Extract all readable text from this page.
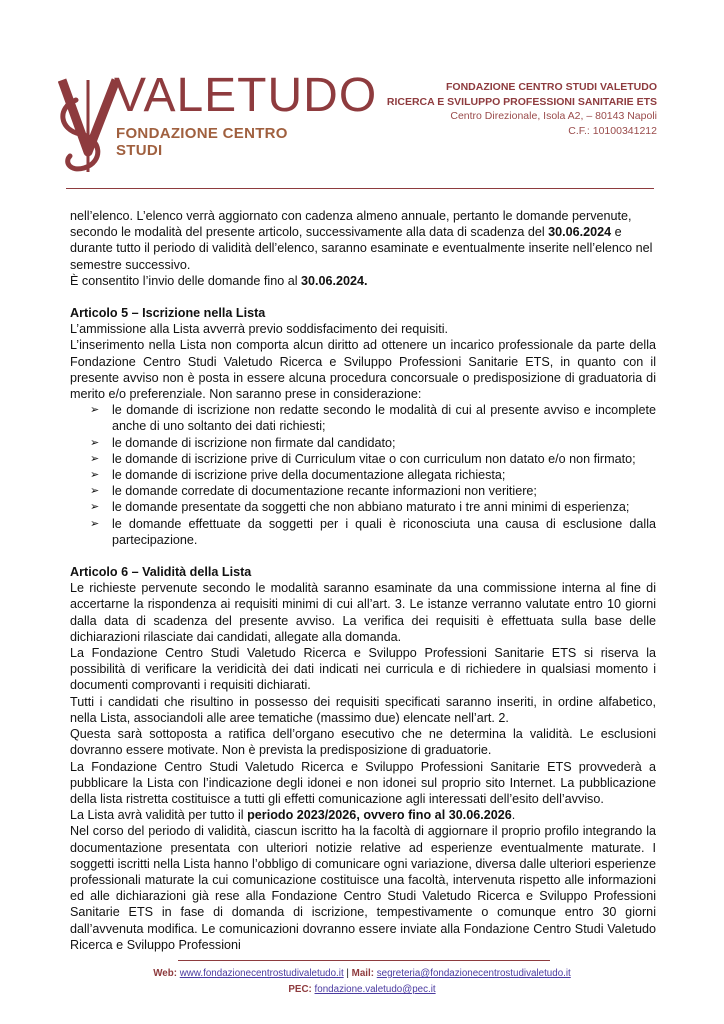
VALETUDO
FONDAZIONE CENTRO STUDI
FONDAZIONE CENTRO STUDI VALETUDO
RICERCA E SVILUPPO PROFESSIONI SANITARIE ETS
Centro Direzionale, Isola A2, – 80143 Napoli
C.F.: 10100341212

nell’elenco. L’elenco verrà aggiornato con cadenza almeno annuale, pertanto le domande pervenute,

secondo le modalità del presente articolo, successivamente alla data di scadenza del 30.06.2024 e

durante tutto il periodo di validità dell’elenco, saranno esaminate e eventualmente inserite nell’elenco nel

semestre successivo.

È consentito l’invio delle domande fino al 30.06.2024.

Articolo 5 – Iscrizione nella Lista

L’ammissione alla Lista avverrà previo soddisfacimento dei requisiti.

L’inserimento nella Lista non comporta alcun diritto ad ottenere un incarico professionale da parte della Fondazione Centro Studi Valetudo Ricerca e Sviluppo Professioni Sanitarie ETS, in quanto con il presente avviso non è posta in essere alcuna procedura concorsuale o predisposizione di graduatoria di merito e/o preferenziale. Non saranno prese in considerazione:

➢ le domande di iscrizione non redatte secondo le modalità di cui al presente avviso e incomplete anche di uno soltanto dei dati richiesti;
➢ le domande di iscrizione non firmate dal candidato;
➢ le domande di iscrizione prive di Curriculum vitae o con curriculum non datato e/o non firmato;
➢ le domande di iscrizione prive della documentazione allegata richiesta;
➢ le domande corredate di documentazione recante informazioni non veritiere;
➢ le domande presentate da soggetti che non abbiano maturato i tre anni minimi di esperienza;
➢ le domande effettuate da soggetti per i quali è riconosciuta una causa di esclusione dalla partecipazione.

Articolo 6 – Validità della Lista

Le richieste pervenute secondo le modalità saranno esaminate da una commissione interna al fine di accertarne la rispondenza ai requisiti minimi di cui all’art. 3. Le istanze verranno valutate entro 10 giorni dalla data di scadenza del presente avviso. La verifica dei requisiti è effettuata sulla base delle dichiarazioni rilasciate dai candidati, allegate alla domanda.

La Fondazione Centro Studi Valetudo Ricerca e Sviluppo Professioni Sanitarie ETS si riserva la possibilità di verificare la veridicità dei dati indicati nei curricula e di richiedere in qualsiasi momento i documenti comprovanti i requisiti dichiarati.

Tutti i candidati che risultino in possesso dei requisiti specificati saranno inseriti, in ordine alfabetico, nella Lista, associandoli alle aree tematiche (massimo due) elencate nell’art. 2.

Questa sarà sottoposta a ratifica dell’organo esecutivo che ne determina la validità. Le esclusioni dovranno essere motivate. Non è prevista la predisposizione di graduatorie.

La Fondazione Centro Studi Valetudo Ricerca e Sviluppo Professioni Sanitarie ETS provvederà a pubblicare la Lista con l’indicazione degli idonei e non idonei sul proprio sito Internet. La pubblicazione della lista ristretta costituisce a tutti gli effetti comunicazione agli interessati dell’esito dell’avviso.

La Lista avrà validità per tutto il periodo 2023/2026, ovvero fino al 30.06.2026.

Nel corso del periodo di validità, ciascun iscritto ha la facoltà di aggiornare il proprio profilo integrando la documentazione presentata con ulteriori notizie relative ad esperienze eventualmente maturate. I soggetti iscritti nella Lista hanno l’obbligo di comunicare ogni variazione, diversa dalle ulteriori esperienze professionali maturate la cui comunicazione costituisce una facoltà, intervenuta rispetto alle informazioni ed alle dichiarazioni già rese alla Fondazione Centro Studi Valetudo Ricerca e Sviluppo Professioni Sanitarie ETS in fase di domanda di iscrizione, tempestivamente o comunque entro 30 giorni dall’avvenuta modifica. Le comunicazioni dovranno essere inviate alla Fondazione Centro Studi Valetudo Ricerca e Sviluppo Professioni

Web: www.fondazionecentrostudivaletudo.it | Mail: segreteria@fondazionecentrostudivaletudo.it
PEC: fondazione.valetudo@pec.it
